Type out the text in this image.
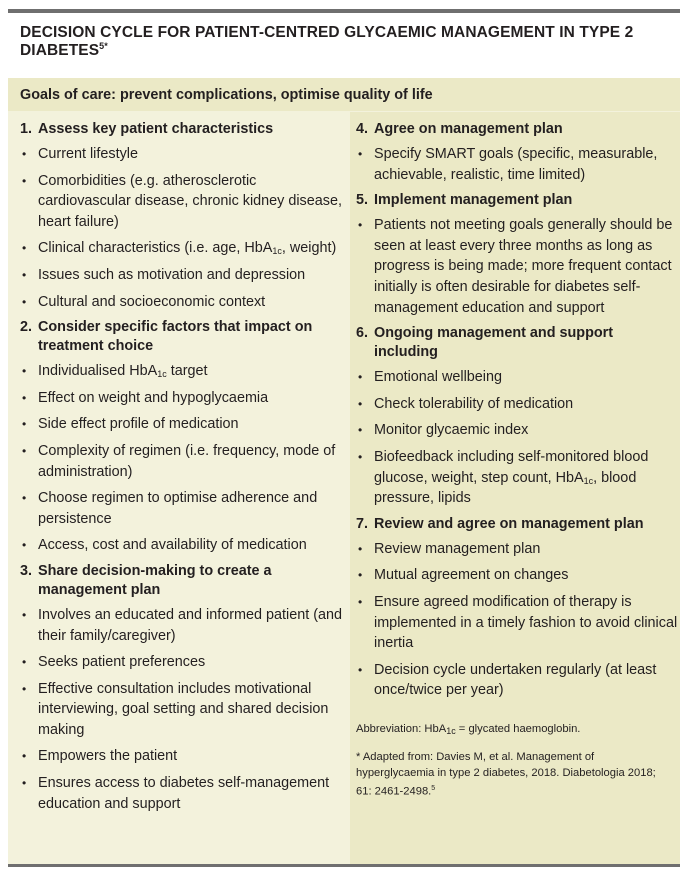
DECISION CYCLE FOR PATIENT-CENTRED GLYCAEMIC MANAGEMENT IN TYPE 2 $DIABETES^{5*}$
Goals of care: prevent complications, optimise quality of life
1. Assess key patient characteristics
• Current lifestyle
• Comorbidities (e.g. atherosclerotic cardiovascular disease, chronic kidney disease, heart failure)
• Clinical characteristics (i.e. age, HbA$_{1c}$, weight)
• Issues such as motivation and depression
• Cultural and socioeconomic context
2. Consider specific factors that impact on treatment choice
• Individualised HbA$_{1c}$ target
• Effect on weight and hypoglycaemia
• Side effect profile of medication
• Complexity of regimen (i.e. frequency, mode of administration)
• Choose regimen to optimise adherence and persistence
• Access, cost and availability of medication
3. Share decision-making to create a management plan
• Involves an educated and informed patient (and their family/caregiver)
• Seeks patient preferences
• Effective consultation includes motivational interviewing, goal setting and shared decision making
• Empowers the patient
• Ensures access to diabetes self-management education and support
4. Agree on management plan
• Specify SMART goals (specific, measurable, achievable, realistic, time limited)
5. Implement management plan
• Patients not meeting goals generally should be seen at least every three months as long as progress is being made; more frequent contact initially is often desirable for diabetes self-management education and support
6. Ongoing management and support including
• Emotional wellbeing
• Check tolerability of medication
• Monitor glycaemic index
• Biofeedback including self-monitored blood glucose, weight, step count, HbA$_{1c}$, blood pressure, lipids
7. Review and agree on management plan
• Review management plan
• Mutual agreement on changes
• Ensure agreed modification of therapy is implemented in a timely fashion to avoid clinical inertia
• Decision cycle undertaken regularly (at least once/twice per year)

Abbreviation: HbA$_{1c}$ = glycated haemoglobin.

* Adapted from: Davies M, et al. Management of hyperglycaemia in type 2 diabetes, 2018. Diabetologia 2018; 61: 2461-2498.$^5$
